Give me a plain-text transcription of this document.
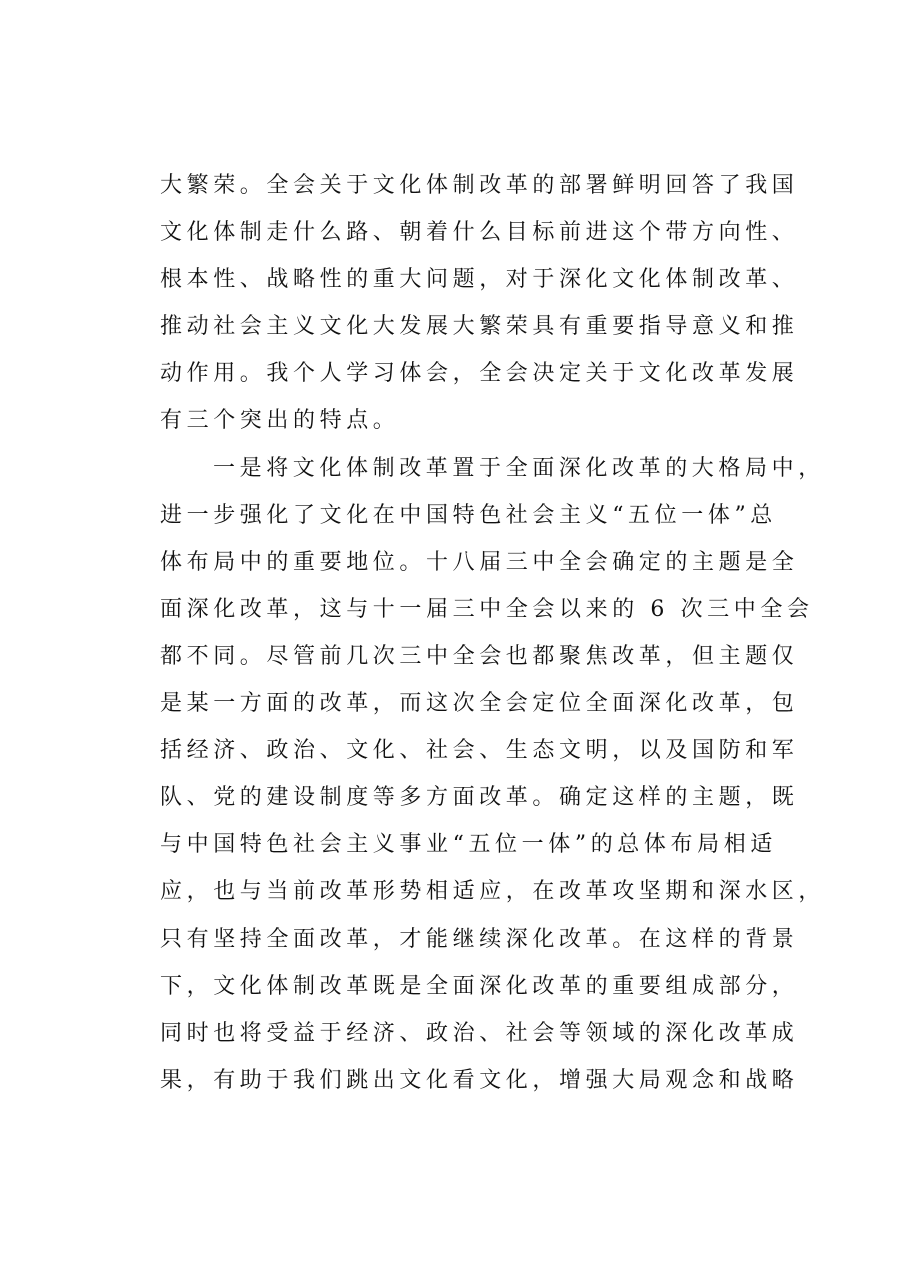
大繁荣。全会关于文化体制改革的部署鲜明回答了我国
文化体制走什么路、朝着什么目标前进这个带方向性、
根本性、战略性的重大问题，对于深化文化体制改革、
推动社会主义文化大发展大繁荣具有重要指导意义和推
动作用。我个人学习体会，全会决定关于文化改革发展
有三个突出的特点。
一是将文化体制改革置于全面深化改革的大格局中，
进一步强化了文化在中国特色社会主义“五位一体”总
体布局中的重要地位。十八届三中全会确定的主题是全
面深化改革，这与十一届三中全会以来的 6 次三中全会
都不同。尽管前几次三中全会也都聚焦改革，但主题仅
是某一方面的改革，而这次全会定位全面深化改革，包
括经济、政治、文化、社会、生态文明，以及国防和军
队、党的建设制度等多方面改革。确定这样的主题，既
与中国特色社会主义事业“五位一体”的总体布局相适
应，也与当前改革形势相适应，在改革攻坚期和深水区，
只有坚持全面改革，才能继续深化改革。在这样的背景
下，文化体制改革既是全面深化改革的重要组成部分，
同时也将受益于经济、政治、社会等领域的深化改革成
果，有助于我们跳出文化看文化，增强大局观念和战略
